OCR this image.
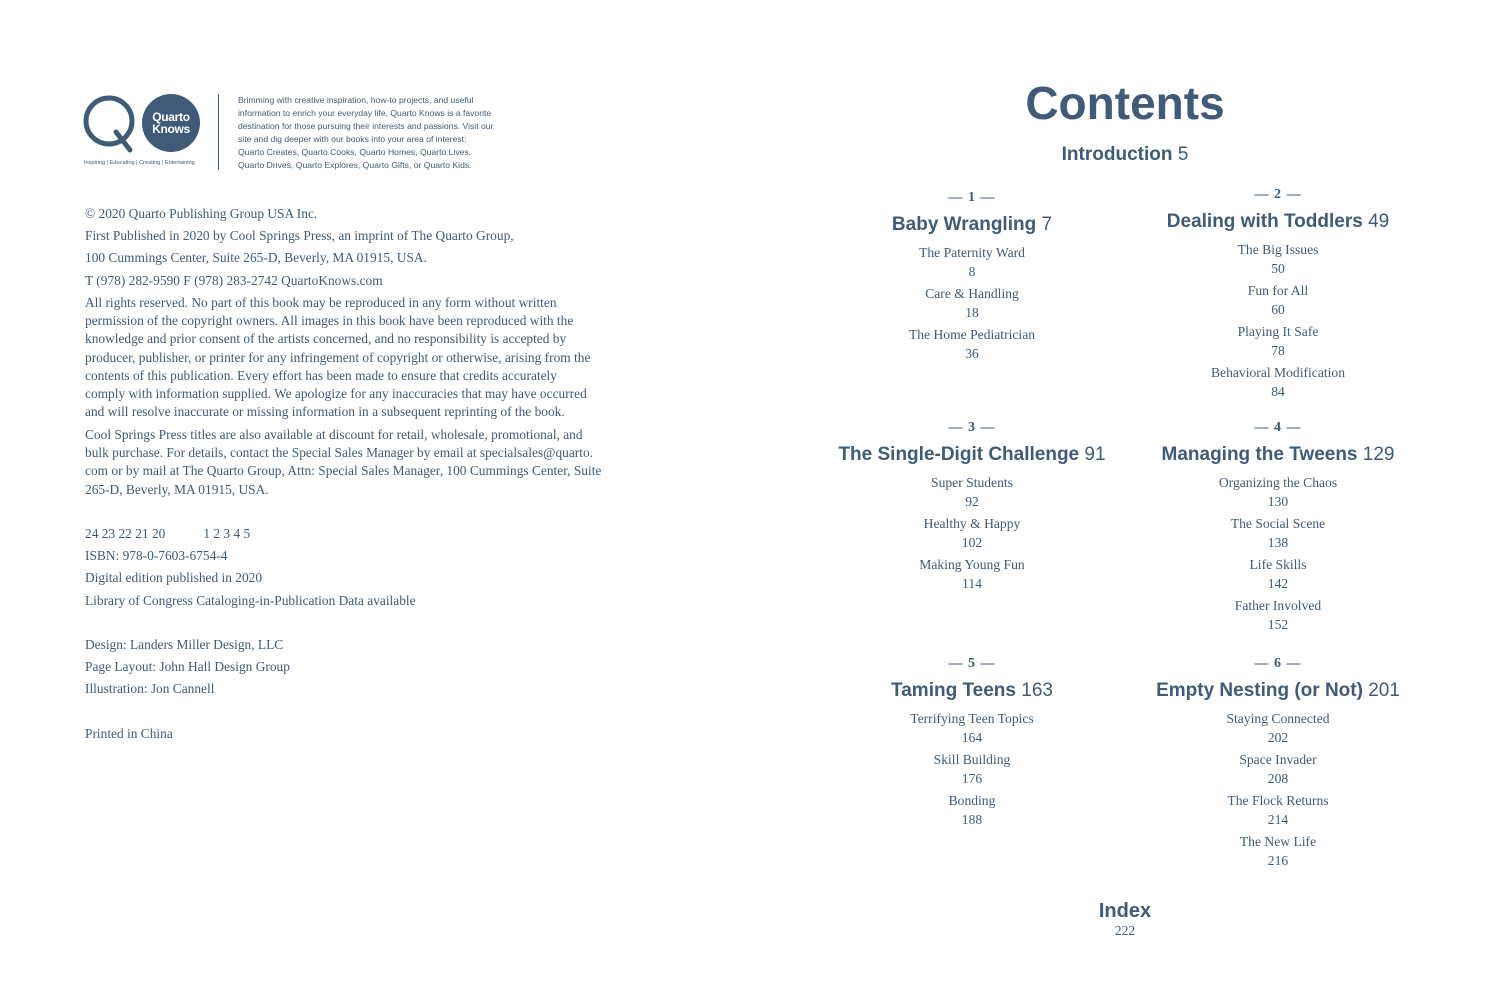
Quarto
Knows
Inspiring | Educating | Creating | Entertaining
Brimming with creative inspiration, how-to projects, and useful
information to enrich your everyday life, Quarto Knows is a favorite
destination for those pursuing their interests and passions. Visit our
site and dig deeper with our books into your area of interest:
Quarto Creates, Quarto Cooks, Quarto Homes, Quarto Lives,
Quarto Drives, Quarto Explores, Quarto Gifts, or Quarto Kids.
© 2020 Quarto Publishing Group USA Inc.
First Published in 2020 by Cool Springs Press, an imprint of The Quarto Group,
100 Cummings Center, Suite 265-D, Beverly, MA 01915, USA.
T (978) 282-9590 F (978) 283-2742 QuartoKnows.com
All rights reserved. No part of this book may be reproduced in any form without written
permission of the copyright owners. All images in this book have been reproduced with the
knowledge and prior consent of the artists concerned, and no responsibility is accepted by
producer, publisher, or printer for any infringement of copyright or otherwise, arising from the
contents of this publication. Every effort has been made to ensure that credits accurately
comply with information supplied. We apologize for any inaccuracies that may have occurred
and will resolve inaccurate or missing information in a subsequent reprinting of the book.
Cool Springs Press titles are also available at discount for retail, wholesale, promotional, and
bulk purchase. For details, contact the Special Sales Manager by email at specialsales@quarto.
com or by mail at The Quarto Group, Attn: Special Sales Manager, 100 Cummings Center, Suite
265-D, Beverly, MA 01915, USA.
24 23 22 21 20	1 2 3 4 5
ISBN: 978-0-7603-6754-4
Digital edition published in 2020
Library of Congress Cataloging-in-Publication Data available
Design: Landers Miller Design, LLC
Page Layout: John Hall Design Group
Illustration: Jon Cannell
Printed in China
Contents
Introduction 5
— 1 —
Baby Wrangling 7
The Paternity Ward
8
Care & Handling
18
The Home Pediatrician
36
— 2 —
Dealing with Toddlers 49
The Big Issues
50
Fun for All
60
Playing It Safe
78
Behavioral Modification
84
— 3 —
The Single-Digit Challenge 91
Super Students
92
Healthy & Happy
102
Making Young Fun
114
— 4 —
Managing the Tweens 129
Organizing the Chaos
130
The Social Scene
138
Life Skills
142
Father Involved
152
— 5 —
Taming Teens 163
Terrifying Teen Topics
164
Skill Building
176
Bonding
188
— 6 —
Empty Nesting (or Not) 201
Staying Connected
202
Space Invader
208
The Flock Returns
214
The New Life
216
Index
222
